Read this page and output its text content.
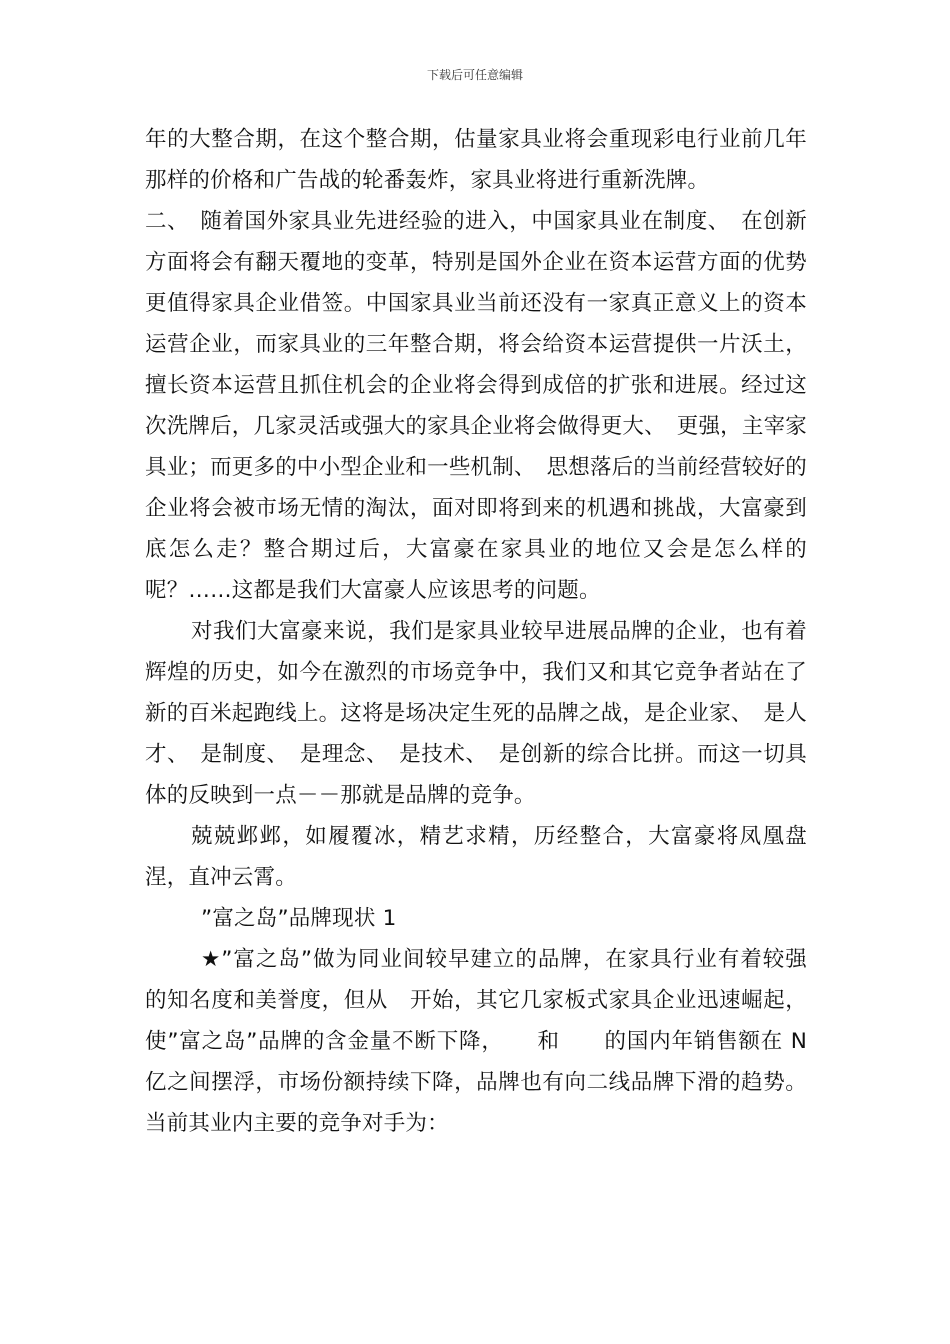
下载后可任意编辑

年的大整合期，在这个整合期，估量家具业将会重现彩电行业前几年那样的价格和广告战的轮番轰炸，家具业将进行重新洗牌。

二、　随着国外家具业先进经验的进入，中国家具业在制度、　在创新方面将会有翻天覆地的变革，特别是国外企业在资本运营方面的优势更值得家具企业借签。中国家具业当前还没有一家真正意义上的资本运营企业，而家具业的三年整合期，将会给资本运营提供一片沃土，擅长资本运营且抓住机会的企业将会得到成倍的扩张和进展。经过这次洗牌后，几家灵活或强大的家具企业将会做得更大、　更强，主宰家具业；而更多的中小型企业和一些机制、　思想落后的当前经营较好的企业将会被市场无情的淘汰，面对即将到来的机遇和挑战，大富豪到底怎么走？整合期过后，大富豪在家具业的地位又会是怎么样的呢？……这都是我们大富豪人应该思考的问题。

对我们大富豪来说，我们是家具业较早进展品牌的企业，也有着辉煌的历史，如今在激烈的市场竞争中，我们又和其它竞争者站在了新的百米起跑线上。这将是场决定生死的品牌之战，是企业家、　是人才、　是制度、　是理念、　是技术、　是创新的综合比拼。而这一切具体的反映到一点－－那就是品牌的竞争。

兢兢邺邺，如履覆冰，精艺求精，历经整合，大富豪将凤凰盘涅，直冲云霄。

”富之岛”品牌现状 1

★”富之岛”做为同业间较早建立的品牌，在家具行业有着较强的知名度和美誉度，但从　开始，其它几家板式家具企业迅速崛起，使”富之岛”品牌的含金量不断下降，　　和　　的国内年销售额在 N 亿之间摆浮，市场份额持续下降，品牌也有向二线品牌下滑的趋势。当前其业内主要的竞争对手为：
